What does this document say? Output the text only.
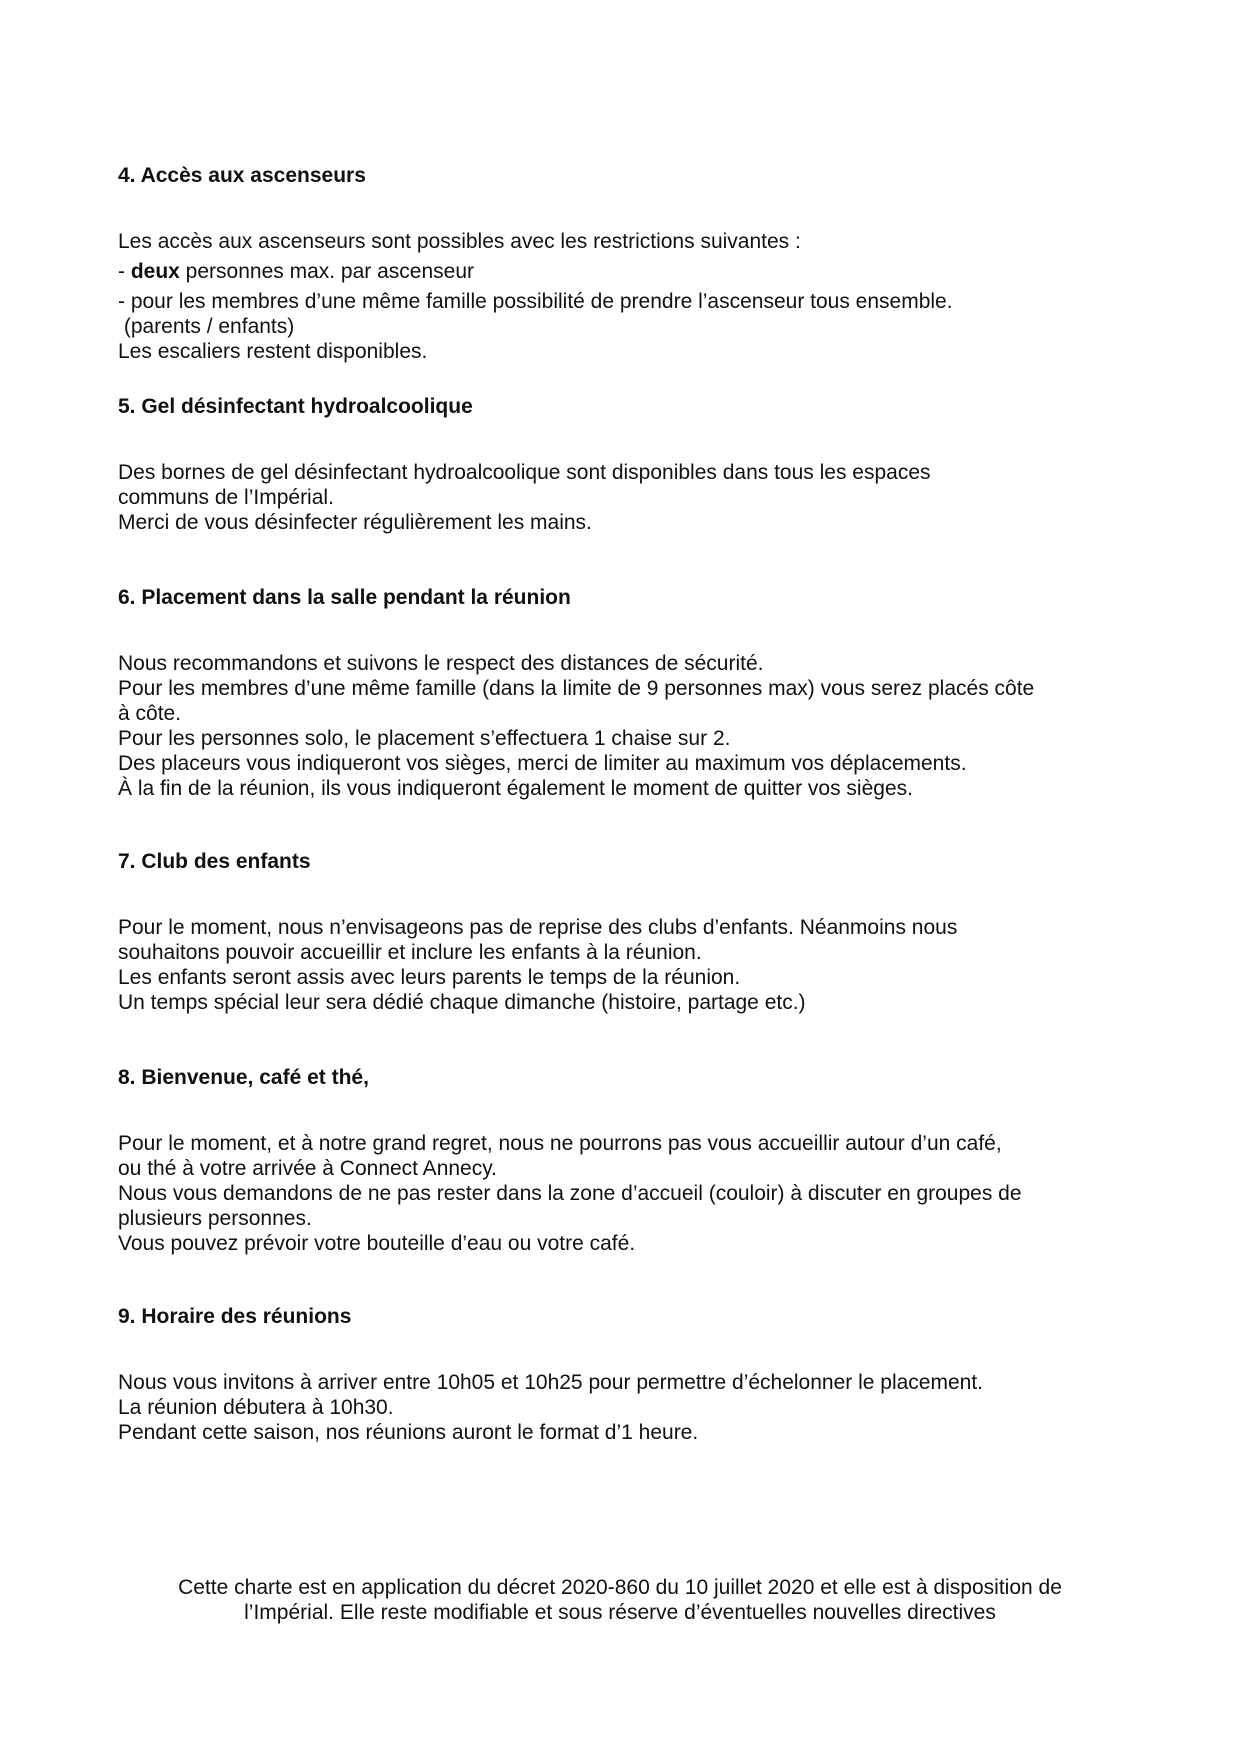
4. Accès aux ascenseurs

Les accès aux ascenseurs sont possibles avec les restrictions suivantes :
- deux personnes max. par ascenseur
- pour les membres d’une même famille possibilité de prendre l’ascenseur tous ensemble.
(parents / enfants)
Les escaliers restent disponibles.

5. Gel désinfectant hydroalcoolique

Des bornes de gel désinfectant hydroalcoolique sont disponibles dans tous les espaces
communs de l’Impérial.
Merci de vous désinfecter régulièrement les mains.

6. Placement dans la salle pendant la réunion

Nous recommandons et suivons le respect des distances de sécurité.
Pour les membres d’une même famille (dans la limite de 9 personnes max) vous serez placés côte
à côte.
Pour les personnes solo, le placement s’effectuera 1 chaise sur 2.
Des placeurs vous indiqueront vos sièges, merci de limiter au maximum vos déplacements.
À la fin de la réunion, ils vous indiqueront également le moment de quitter vos sièges.

7. Club des enfants

Pour le moment, nous n’envisageons pas de reprise des clubs d’enfants. Néanmoins nous
souhaitons pouvoir accueillir et inclure les enfants à la réunion.
Les enfants seront assis avec leurs parents le temps de la réunion.
Un temps spécial leur sera dédié chaque dimanche (histoire, partage etc.)

8. Bienvenue, café et thé,

Pour le moment, et à notre grand regret, nous ne pourrons pas vous accueillir autour d’un café,
ou thé à votre arrivée à Connect Annecy.
Nous vous demandons de ne pas rester dans la zone d’accueil (couloir) à discuter en groupes de
plusieurs personnes.
Vous pouvez prévoir votre bouteille d’eau ou votre café.

9. Horaire des réunions

Nous vous invitons à arriver entre 10h05 et 10h25 pour permettre d’échelonner le placement.
La réunion débutera à 10h30.
Pendant cette saison, nos réunions auront le format d’1 heure.

Cette charte est en application du décret 2020-860 du 10 juillet 2020 et elle est à disposition de
l’Impérial. Elle reste modifiable et sous réserve d’éventuelles nouvelles directives
